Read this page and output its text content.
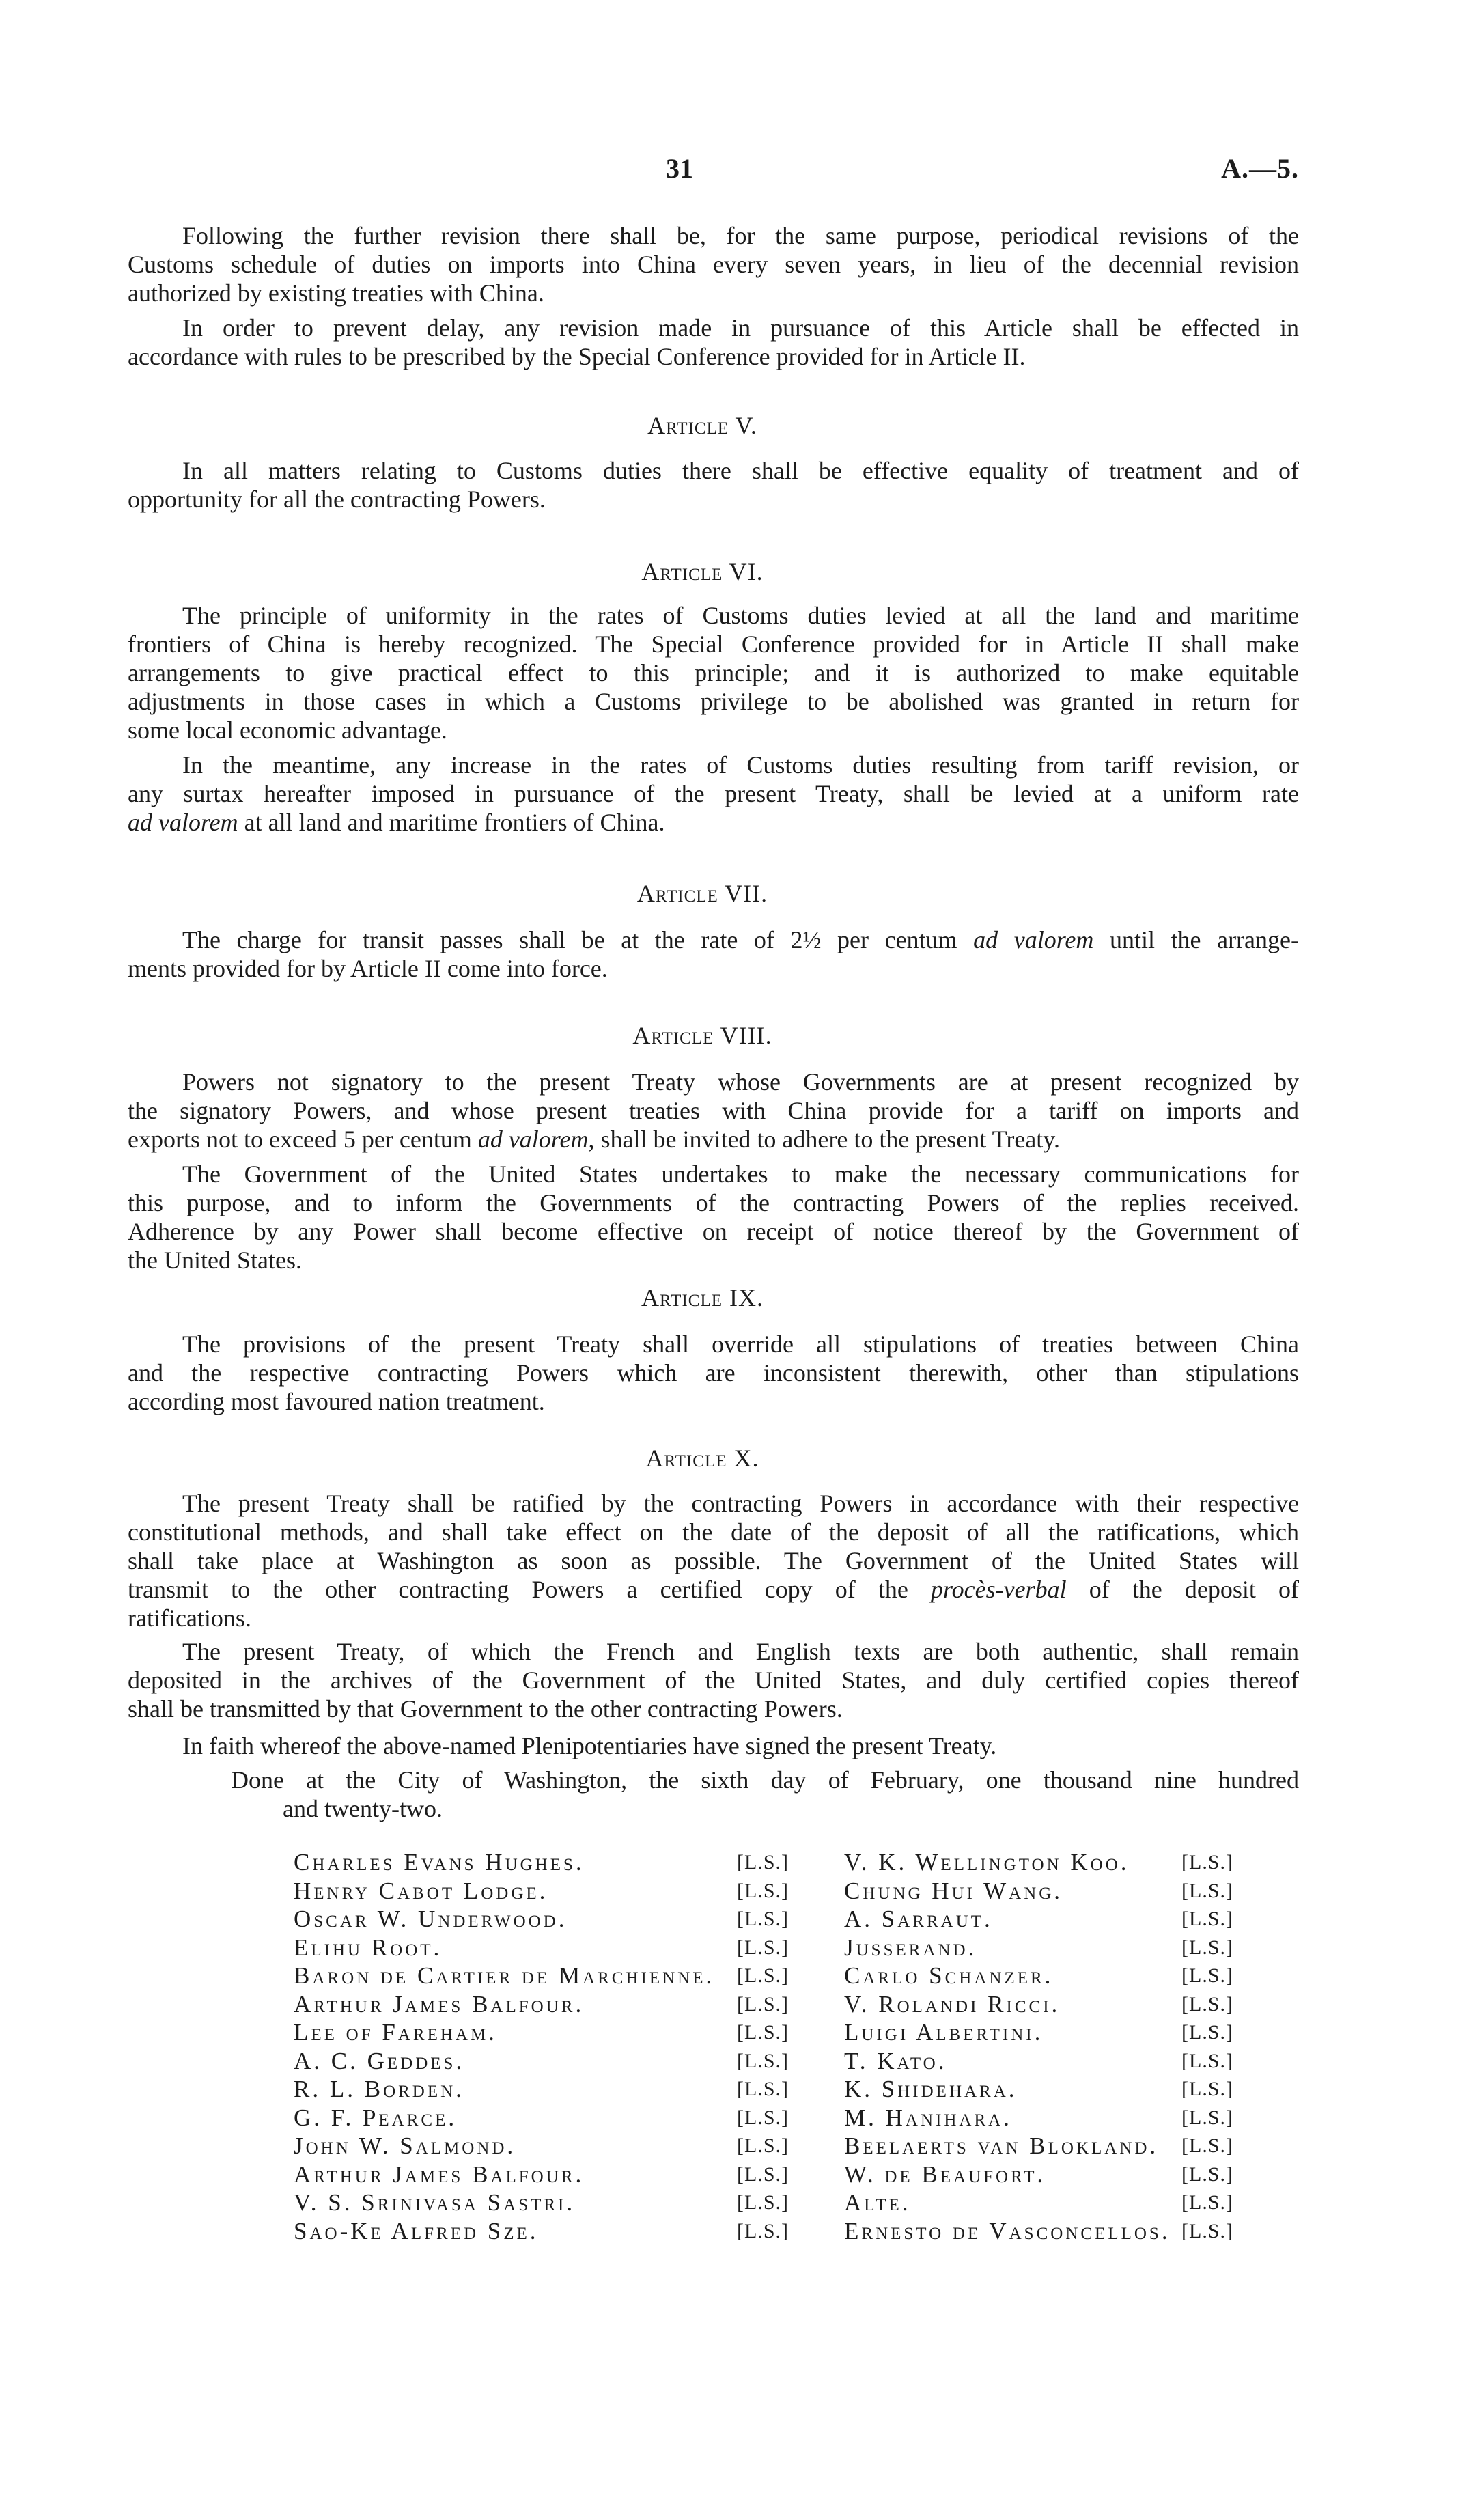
31	A.—5.
Following the further revision there shall be, for the same purpose, periodical revisions of the
Customs schedule of duties on imports into China every seven years, in lieu of the decennial revision
authorized by existing treaties with China.
In order to prevent delay, any revision made in pursuance of this Article shall be effected in
accordance with rules to be prescribed by the Special Conference provided for in Article II.
Article V.
In all matters relating to Customs duties there shall be effective equality of treatment and of
opportunity for all the contracting Powers.
Article VI.
The principle of uniformity in the rates of Customs duties levied at all the land and maritime
frontiers of China is hereby recognized. The Special Conference provided for in Article II shall make
arrangements to give practical effect to this principle; and it is authorized to make equitable
adjustments in those cases in which a Customs privilege to be abolished was granted in return for
some local economic advantage.
In the meantime, any increase in the rates of Customs duties resulting from tariff revision, or
any surtax hereafter imposed in pursuance of the present Treaty, shall be levied at a uniform rate
ad valorem at all land and maritime frontiers of China.
Article VII.
The charge for transit passes shall be at the rate of 2½ per centum ad valorem until the arrange-
ments provided for by Article II come into force.
Article VIII.
Powers not signatory to the present Treaty whose Governments are at present recognized by
the signatory Powers, and whose present treaties with China provide for a tariff on imports and
exports not to exceed 5 per centum ad valorem, shall be invited to adhere to the present Treaty.
The Government of the United States undertakes to make the necessary communications for
this purpose, and to inform the Governments of the contracting Powers of the replies received.
Adherence by any Power shall become effective on receipt of notice thereof by the Government of
the United States.
Article IX.
The provisions of the present Treaty shall override all stipulations of treaties between China
and the respective contracting Powers which are inconsistent therewith, other than stipulations
according most favoured nation treatment.
Article X.
The present Treaty shall be ratified by the contracting Powers in accordance with their respective
constitutional methods, and shall take effect on the date of the deposit of all the ratifications, which
shall take place at Washington as soon as possible. The Government of the United States will
transmit to the other contracting Powers a certified copy of the procès-verbal of the deposit of
ratifications.
The present Treaty, of which the French and English texts are both authentic, shall remain
deposited in the archives of the Government of the United States, and duly certified copies thereof
shall be transmitted by that Government to the other contracting Powers.
In faith whereof the above-named Plenipotentiaries have signed the present Treaty.
Done at the City of Washington, the sixth day of February, one thousand nine hundred
and twenty-two.
Charles Evans Hughes.	[L.S.] V. K. Wellington Koo.	[L.S.]
Henry Cabot Lodge.	[L.S.] Chung Hui Wang.	[L.S.]
Oscar W. Underwood.	[L.S.] A. Sarraut.	[L.S.]
Elihu Root.	[L.S.] Jusserand.	[L.S.]
Baron de Cartier de Marchienne. [L.S.] Carlo Schanzer.	[L.S.]
Arthur James Balfour.	[L.S.] V. Rolandi Ricci.	[L.S.]
Lee of Fareham.	[L.S.] Luigi Albertini.	[L.S.]
A. C. Geddes.	[L.S.] T. Kato.	[L.S.]
R. L. Borden.	[L.S.] K. Shidehara.	[L.S.]
G. F. Pearce.	[L.S.] M. Hanihara.	[L.S.]
John W. Salmond.	[L.S.] Beelaerts van Blokland. [L.S.]
Arthur James Balfour.	[L.S.] W. de Beaufort.	[L.S.]
V. S. Srinivasa Sastri.	[L.S.] Alte.	[L.S.]
Sao-Ke Alfred Sze.	[L.S.] Ernesto de Vasconcellos. [L.S.]
